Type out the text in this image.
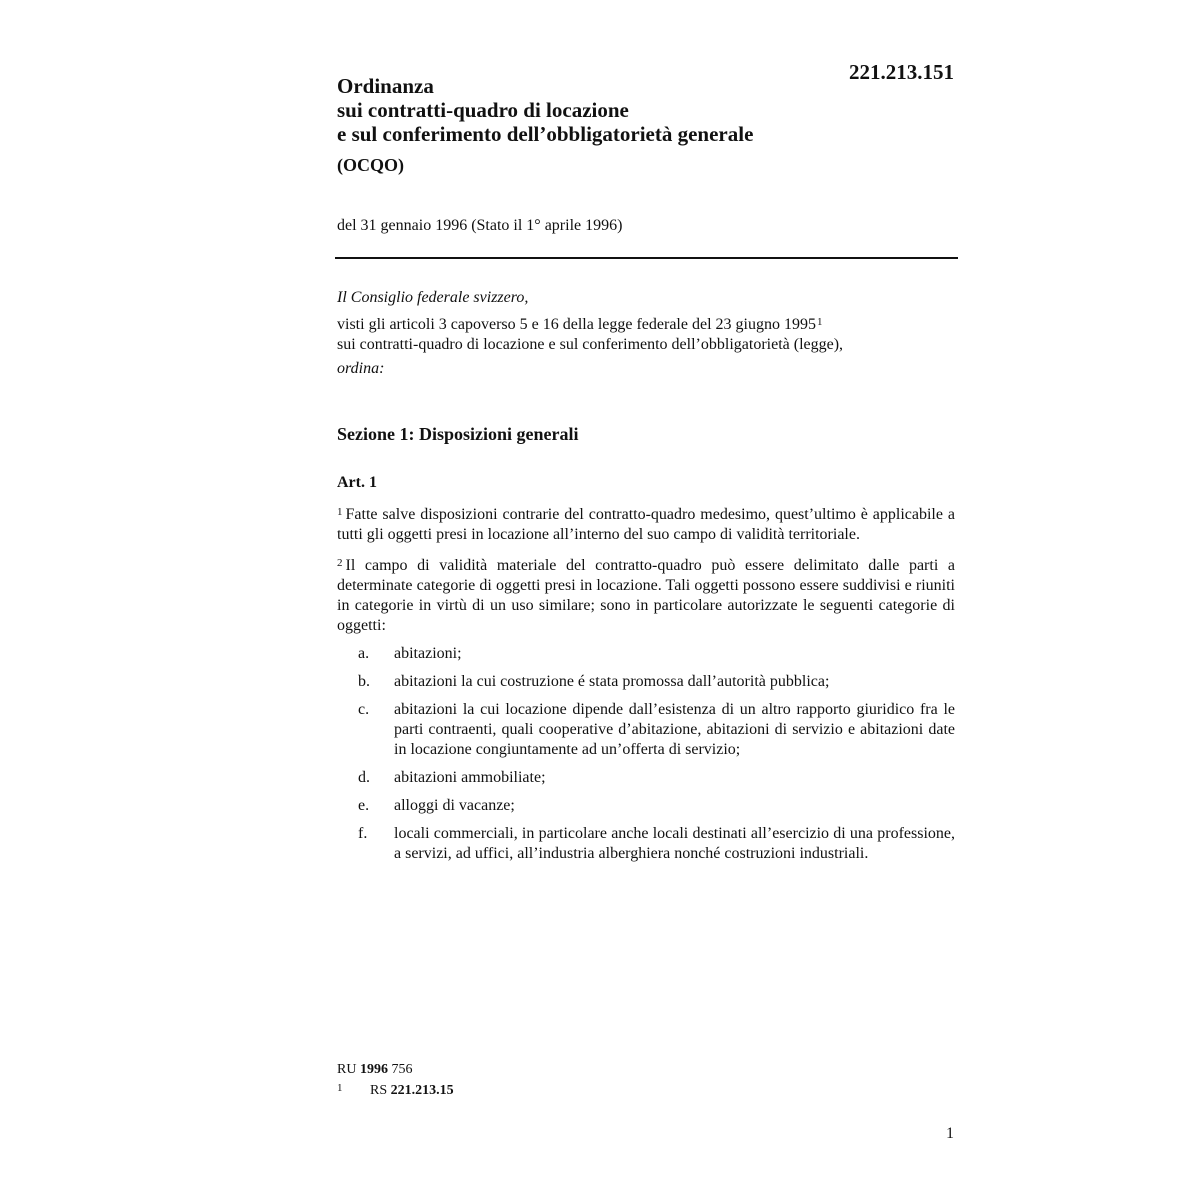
221.213.151
Ordinanza
sui contratti-quadro di locazione
e sul conferimento dell’obbligatorietà generale
(OCQO)
del 31 gennaio 1996 (Stato il 1° aprile 1996)
Il Consiglio federale svizzero,
visti gli articoli 3 capoverso 5 e 16 della legge federale del 23 giugno 1995$^1$
sui contratti-quadro di locazione e sul conferimento dell’obbligatorietà (legge),
ordina:
Sezione 1: Disposizioni generali
Art. 1

$^1$ Fatte salve disposizioni contrarie del contratto-quadro medesimo, quest’ultimo è applicabile a tutti gli oggetti presi in locazione all’interno del suo campo di validità territoriale.

$^2$ Il campo di validità materiale del contratto-quadro può essere delimitato dalle parti a determinate categorie di oggetti presi in locazione. Tali oggetti possono essere suddivisi e riuniti in categorie in virtù di un uso similare; sono in particolare autorizzate le seguenti categorie di oggetti:

a.	abitazioni;
b.	abitazioni la cui costruzione é stata promossa dall’autorità pubblica;
c.	abitazioni la cui locazione dipende dall’esistenza di un altro rapporto giuridico fra le parti contraenti, quali cooperative d’abitazione, abitazioni di servizio e abitazioni date in locazione congiuntamente ad un’offerta di servizio;
d.	abitazioni ammobiliate;
e.	alloggi di vacanze;
f.	locali commerciali, in particolare anche locali destinati all’esercizio di una professione, a servizi, ad uffici, all’industria alberghiera nonché costruzioni industriali.
RU 1996 756
1 RS 221.213.15
1
